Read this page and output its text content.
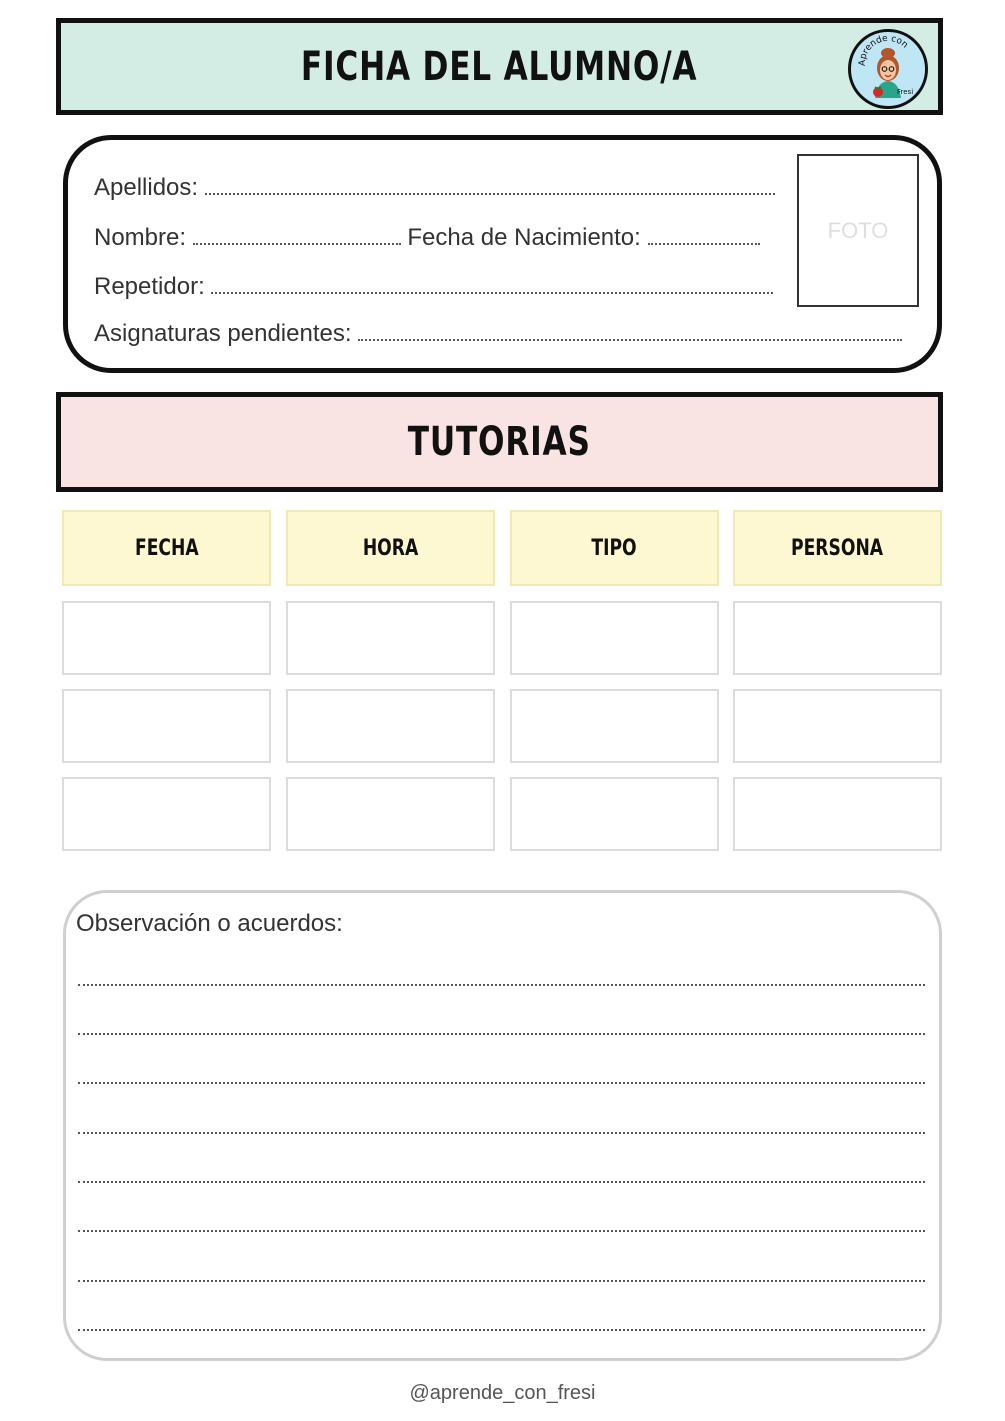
FICHA DEL ALUMNO/A	Aprende con
Fresi
Apellidos:
Nombre:	Fecha de Nacimiento:
Repetidor:
Asignaturas pendientes:
FOTO
TUTORIAS
FECHA	HORA	TIPO	PERSONA
Observación o acuerdos:
@aprende_con_fresi
